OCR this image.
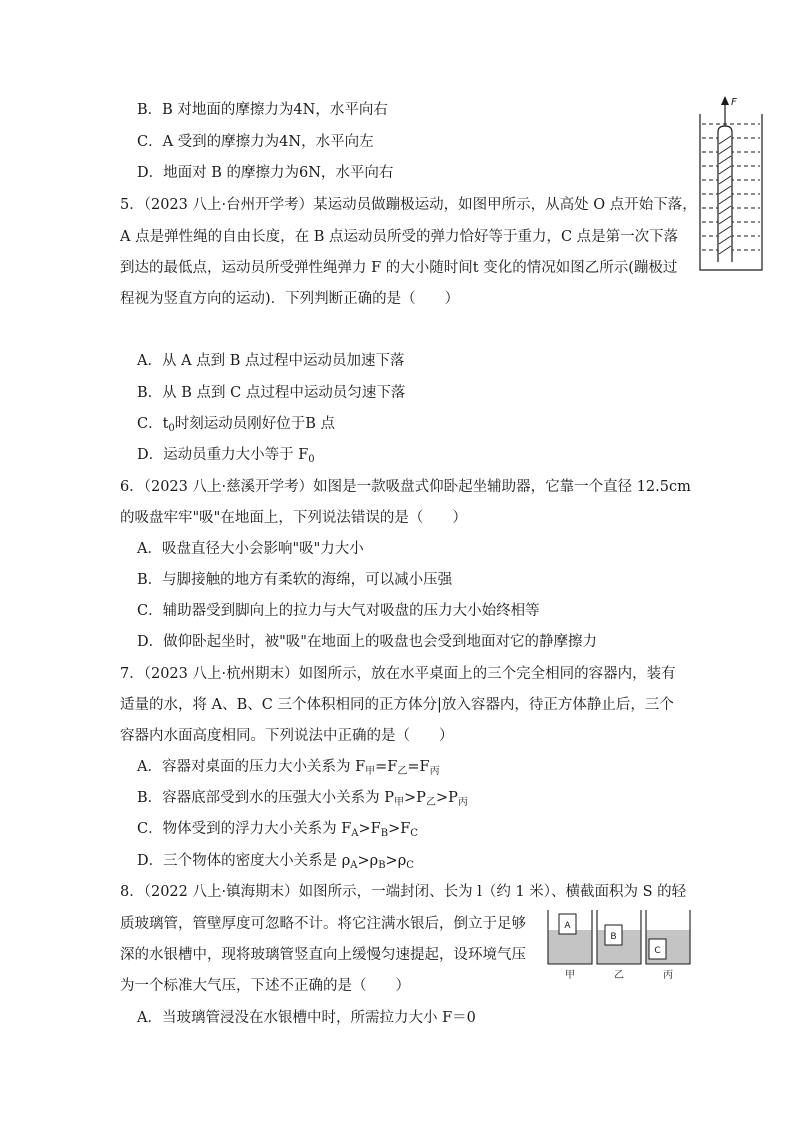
B．B 对地面的摩擦力为4N，水平向右
C．A 受到的摩擦力为4N，水平向左
D．地面对 B 的摩擦力为6N，水平向右
5．（2023 八上·台州开学考）某运动员做蹦极运动，如图甲所示，从高处 O 点开始下落，
A 点是弹性绳的自由长度，在 B 点运动员所受的弹力恰好等于重力，C 点是第一次下落
到达的最低点，运动员所受弹性绳弹力 F 的大小随时间t 变化的情况如图乙所示(蹦极过
程视为竖直方向的运动)．下列判断正确的是（　　）
A．从 A 点到 B 点过程中运动员加速下落
B．从 B 点到 C 点过程中运动员匀速下落
C．$t_0$时刻运动员刚好位于B 点
D．运动员重力大小等于 $F_0$
6．（2023 八上·慈溪开学考）如图是一款吸盘式仰卧起坐辅助器，它靠一个直径 12.5cm
的吸盘牢牢"吸"在地面上，下列说法错误的是（　　）
A．吸盘直径大小会影响"吸"力大小
B．与脚接触的地方有柔软的海绵，可以减小压强
C．辅助器受到脚向上的拉力与大气对吸盘的压力大小始终相等
D．做仰卧起坐时，被"吸"在地面上的吸盘也会受到地面对它的静摩擦力
7．（2023 八上·杭州期末）如图所示，放在水平桌面上的三个完全相同的容器内，装有
适量的水，将 A、B、C 三个体积相同的正方体分|放入容器内，待正方体静止后，三个
容器内水面高度相同。下列说法中正确的是（　　）
A．容器对桌面的压力大小关系为 $F_甲=F_乙=F_丙$
B．容器底部受到水的压强大小关系为 $P_甲>P_乙>P_丙$
C．物体受到的浮力大小关系为 $F_A>F_B>F_C$
D．三个物体的密度大小关系是 $\rho_A>\rho_B>\rho_C$
8．（2022 八上·镇海期末）如图所示，一端封闭、长为 l（约 1 米）、横截面积为 S 的轻
质玻璃管，管壁厚度可忽略不计。将它注满水银后，倒立于足够
深的水银槽中，现将玻璃管竖直向上缓慢匀速提起，设环境气压
为一个标准大气压，下述不正确的是（　　）
A．当玻璃管浸没在水银槽中时，所需拉力大小 F＝0
F
A
甲
B
乙
C
丙
